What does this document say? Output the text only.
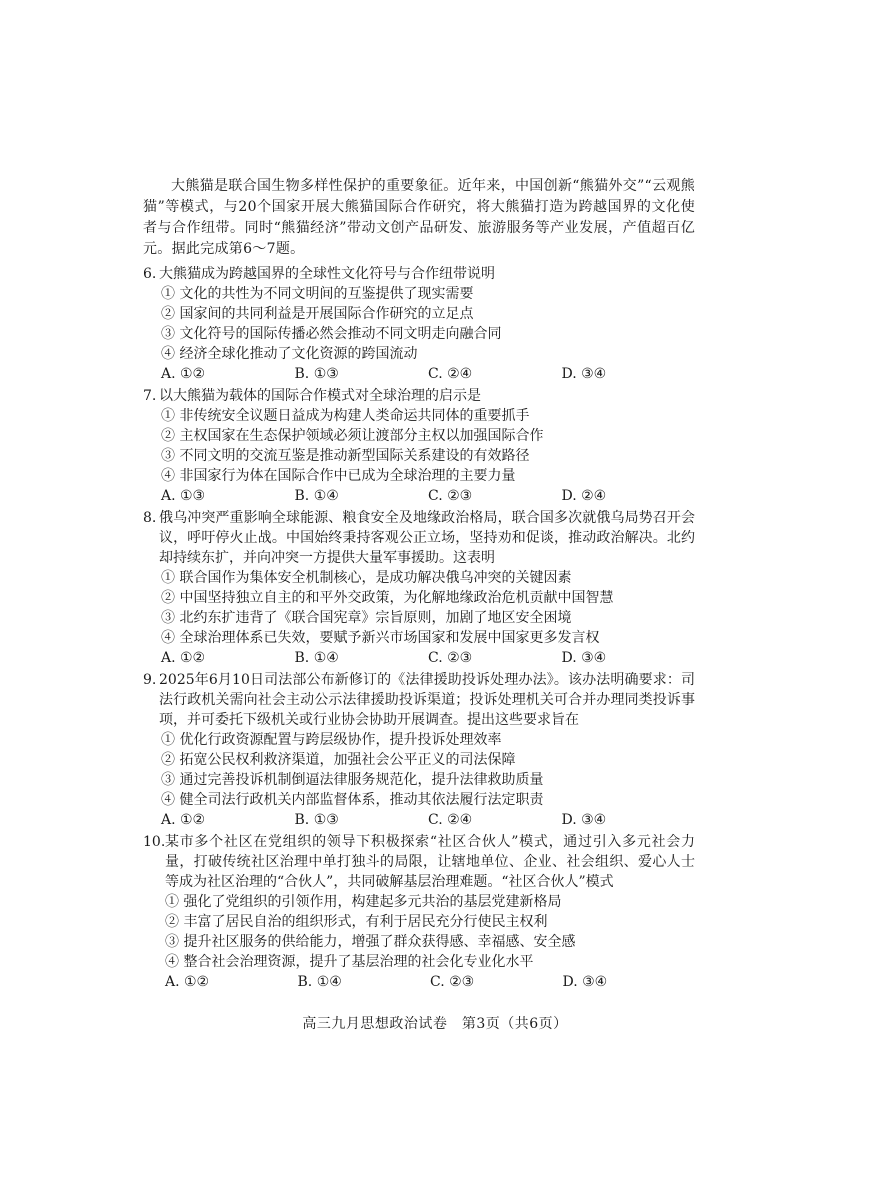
大熊猫是联合国生物多样性保护的重要象征。近年来，中国创新“熊猫外交”“云观熊猫”等模式，与20个国家开展大熊猫国际合作研究，将大熊猫打造为跨越国界的文化使者与合作纽带。同时“熊猫经济”带动文创产品研发、旅游服务等产业发展，产值超百亿元。据此完成第6～7题。

6. 大熊猫成为跨越国界的全球性文化符号与合作纽带说明
① 文化的共性为不同文明间的互鉴提供了现实需要
② 国家间的共同利益是开展国际合作研究的立足点
③ 文化符号的国际传播必然会推动不同文明走向融合同
④ 经济全球化推动了文化资源的跨国流动
A. ①②	B. ①③	C. ②④	D. ③④
7. 以大熊猫为载体的国际合作模式对全球治理的启示是
① 非传统安全议题日益成为构建人类命运共同体的重要抓手
② 主权国家在生态保护领域必须让渡部分主权以加强国际合作
③ 不同文明的交流互鉴是推动新型国际关系建设的有效路径
④ 非国家行为体在国际合作中已成为全球治理的主要力量
A. ①③	B. ①④	C. ②③	D. ②④
8. 俄乌冲突严重影响全球能源、粮食安全及地缘政治格局，联合国多次就俄乌局势召开会议，呼吁停火止战。中国始终秉持客观公正立场，坚持劝和促谈，推动政治解决。北约却持续东扩，并向冲突一方提供大量军事援助。这表明
① 联合国作为集体安全机制核心，是成功解决俄乌冲突的关键因素
② 中国坚持独立自主的和平外交政策，为化解地缘政治危机贡献中国智慧
③ 北约东扩违背了《联合国宪章》宗旨原则，加剧了地区安全困境
④ 全球治理体系已失效，要赋予新兴市场国家和发展中国家更多发言权
A. ①②	B. ①④	C. ②③	D. ③④
9. 2025年6月10日司法部公布新修订的《法律援助投诉处理办法》。该办法明确要求：司法行政机关需向社会主动公示法律援助投诉渠道；投诉处理机关可合并办理同类投诉事项，并可委托下级机关或行业协会协助开展调查。提出这些要求旨在
① 优化行政资源配置与跨层级协作，提升投诉处理效率
② 拓宽公民权利救济渠道，加强社会公平正义的司法保障
③ 通过完善投诉机制倒逼法律服务规范化，提升法律救助质量
④ 健全司法行政机关内部监督体系，推动其依法履行法定职责
A. ①②	B. ①③	C. ②④	D. ③④
10. 某市多个社区在党组织的领导下积极探索“社区合伙人”模式，通过引入多元社会力量，打破传统社区治理中单打独斗的局限，让辖地单位、企业、社会组织、爱心人士等成为社区治理的“合伙人”，共同破解基层治理难题。“社区合伙人”模式
① 强化了党组织的引领作用，构建起多元共治的基层党建新格局
② 丰富了居民自治的组织形式，有利于居民充分行使民主权利
③ 提升社区服务的供给能力，增强了群众获得感、幸福感、安全感
④ 整合社会治理资源，提升了基层治理的社会化专业化水平
A. ①②	B. ①④	C. ②③	D. ③④
高三九月思想政治试卷　第3页（共6页）
